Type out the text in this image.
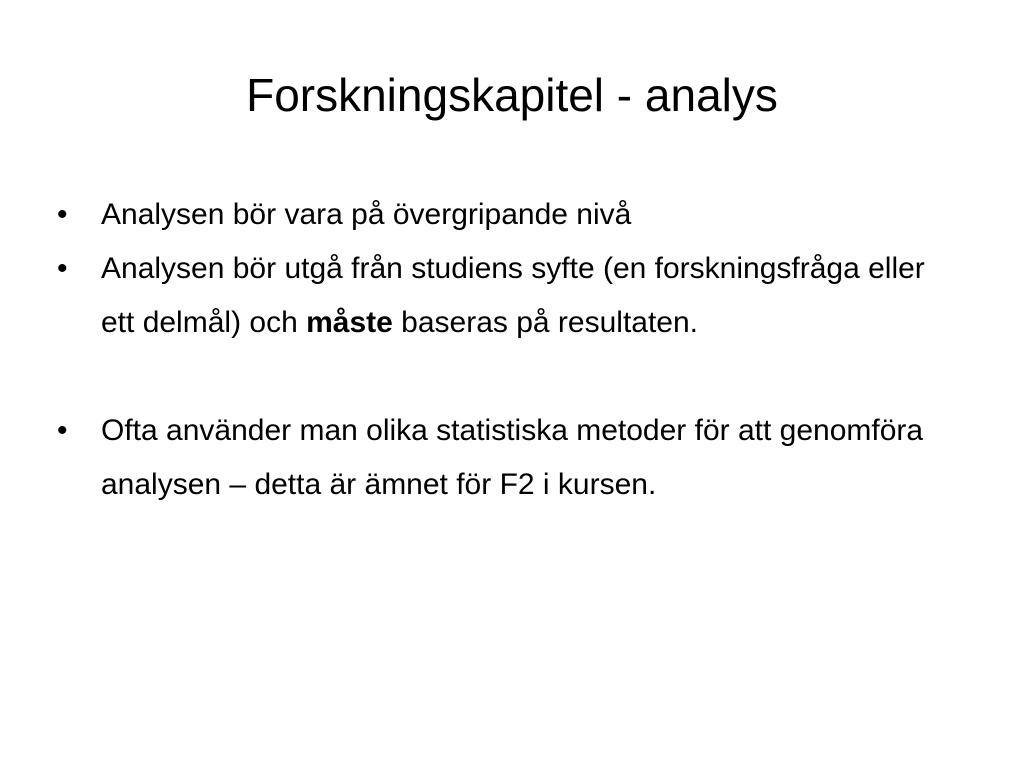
Forskningskapitel - analys
•	Analysen bör vara på övergripande nivå
•	Analysen bör utgå från studiens syfte (en forskningsfråga eller ett delmål) och måste baseras på resultaten.
•	Ofta använder man olika statistiska metoder för att genomföra analysen – detta är ämnet för F2 i kursen.
